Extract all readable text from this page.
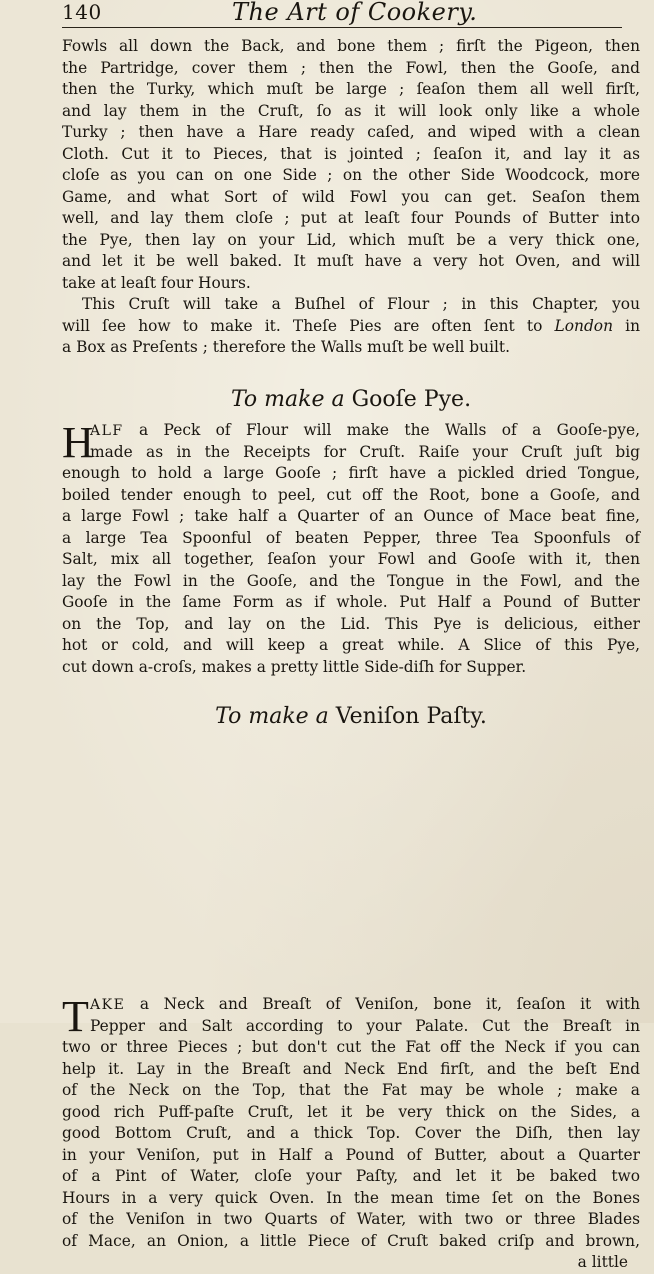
140	The Art of Cookery.
Fowls all down the Back, and bone them ; firſt the Pigeon, then
the Partridge, cover them ; then the Fowl, then the Gooſe, and
then the Turky, which muſt be large ; ſeaſon them all well firſt,
and lay them in the Cruſt, ſo as it will look only like a whole
Turky ; then have a Hare ready caſed, and wiped with a clean
Cloth. Cut it to Pieces, that is jointed ; ſeaſon it, and lay it as
cloſe as you can on one Side ; on the other Side Woodcock, more
Game, and what Sort of wild Fowl you can get. Seaſon them
well, and lay them cloſe ; put at leaſt four Pounds of Butter into
the Pye, then lay on your Lid, which muſt be a very thick one,
and let it be well baked. It muſt have a very hot Oven, and will
take at leaſt four Hours.
This Cruſt will take a Buſhel of Flour ; in this Chapter, you
will ſee how to make it. Theſe Pies are often ſent to London in
a Box as Preſents ; therefore the Walls muſt be well built.
To make a Gooſe Pye.
H
ALF a Peck of Flour will make the Walls of a Gooſe-pye,
made as in the Receipts for Cruſt. Raiſe your Cruſt juſt big
enough to hold a large Gooſe ; firſt have a pickled dried Tongue,
boiled tender enough to peel, cut off the Root, bone a Gooſe, and
a large Fowl ; take half a Quarter of an Ounce of Mace beat fine,
a large Tea Spoonful of beaten Pepper, three Tea Spoonfuls of
Salt, mix all together, ſeaſon your Fowl and Gooſe with it, then
lay the Fowl in the Gooſe, and the Tongue in the Fowl, and the
Gooſe in the ſame Form as if whole. Put Half a Pound of Butter
on the Top, and lay on the Lid. This Pye is delicious, either
hot or cold, and will keep a great while. A Slice of this Pye,
cut down a-croſs, makes a pretty little Side-diſh for Supper.
To make a Veniſon Paſty.
T AKE a Neck and Breaſt of Veniſon, bone it, ſeaſon it with
Pepper and Salt according to your Palate. Cut the Breaſt in
two or three Pieces ; but don't cut the Fat off the Neck if you can
help it. Lay in the Breaſt and Neck End firſt, and the beſt End
of the Neck on the Top, that the Fat may be whole ; make a
good rich Puff-paſte Cruſt, let it be very thick on the Sides, a
good Bottom Cruſt, and a thick Top. Cover the Diſh, then lay
in your Veniſon, put in Half a Pound of Butter, about a Quarter
of a Pint of Water, cloſe your Paſty, and let it be baked two
Hours in a very quick Oven. In the mean time ſet on the Bones
of the Veniſon in two Quarts of Water, with two or three Blades
of Mace, an Onion, a little Piece of Cruſt baked criſp and brown,
a little
